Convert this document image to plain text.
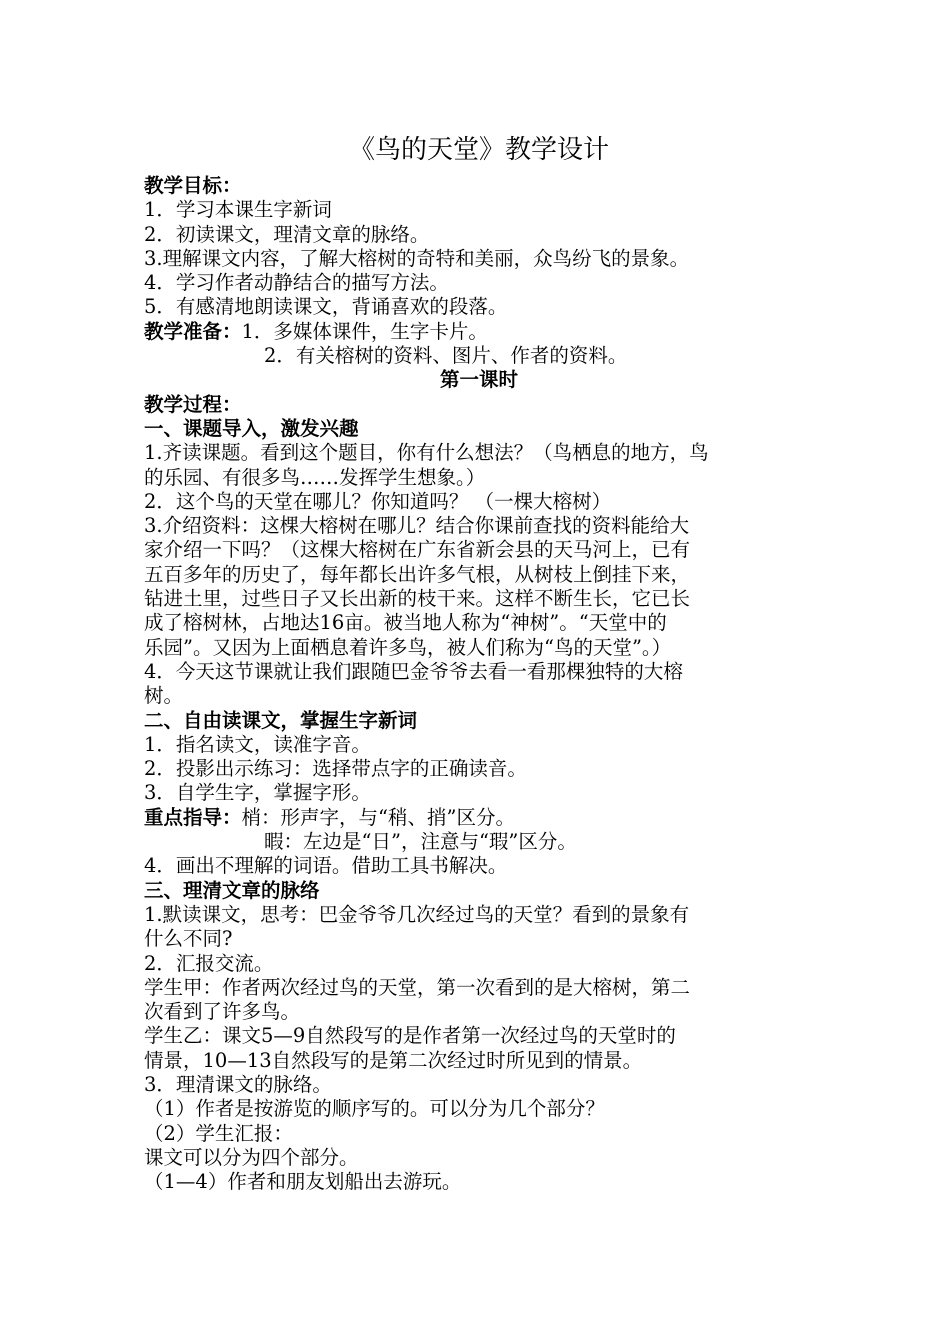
《鸟的天堂》教学设计
教学目标：
1．学习本课生字新词
2．初读课文，理清文章的脉络。
3.理解课文内容，了解大榕树的奇特和美丽，众鸟纷飞的景象。
4．学习作者动静结合的描写方法。
5．有感清地朗读课文，背诵喜欢的段落。
教学准备：1．多媒体课件，生字卡片。
2．有关榕树的资料、图片、作者的资料。
第一课时
教学过程：
一、课题导入，激发兴趣
1.齐读课题。看到这个题目，你有什么想法？（鸟栖息的地方，鸟
的乐园、有很多鸟……发挥学生想象。）
2．这个鸟的天堂在哪儿？你知道吗？ （一棵大榕树）
3.介绍资料：这棵大榕树在哪儿？结合你课前查找的资料能给大
家介绍一下吗？（这棵大榕树在广东省新会县的天马河上，已有
五百多年的历史了，每年都长出许多气根，从树枝上倒挂下来，
钻进土里，过些日子又长出新的枝干来。这样不断生长，它已长
成了榕树林，占地达16亩。被当地人称为“神树”。“天堂中的
乐园”。又因为上面栖息着许多鸟，被人们称为“鸟的天堂”。）
4．今天这节课就让我们跟随巴金爷爷去看一看那棵独特的大榕
树。
二、自由读课文，掌握生字新词
1．指名读文，读准字音。
2．投影出示练习：选择带点字的正确读音。
3．自学生字，掌握字形。
重点指导：梢：形声字，与“稍、捎”区分。
暇：左边是“日”，注意与“瑕”区分。
4．画出不理解的词语。借助工具书解决。
三、理清文章的脉络
1.默读课文，思考：巴金爷爷几次经过鸟的天堂？看到的景象有
什么不同?
2．汇报交流。
学生甲：作者两次经过鸟的天堂，第一次看到的是大榕树，第二
次看到了许多鸟。
学生乙：课文5—9自然段写的是作者第一次经过鸟的天堂时的
情景，10—13自然段写的是第二次经过时所见到的情景。
3．理清课文的脉络。
（1）作者是按游览的顺序写的。可以分为几个部分？
（2）学生汇报：
课文可以分为四个部分。
（1—4）作者和朋友划船出去游玩。
